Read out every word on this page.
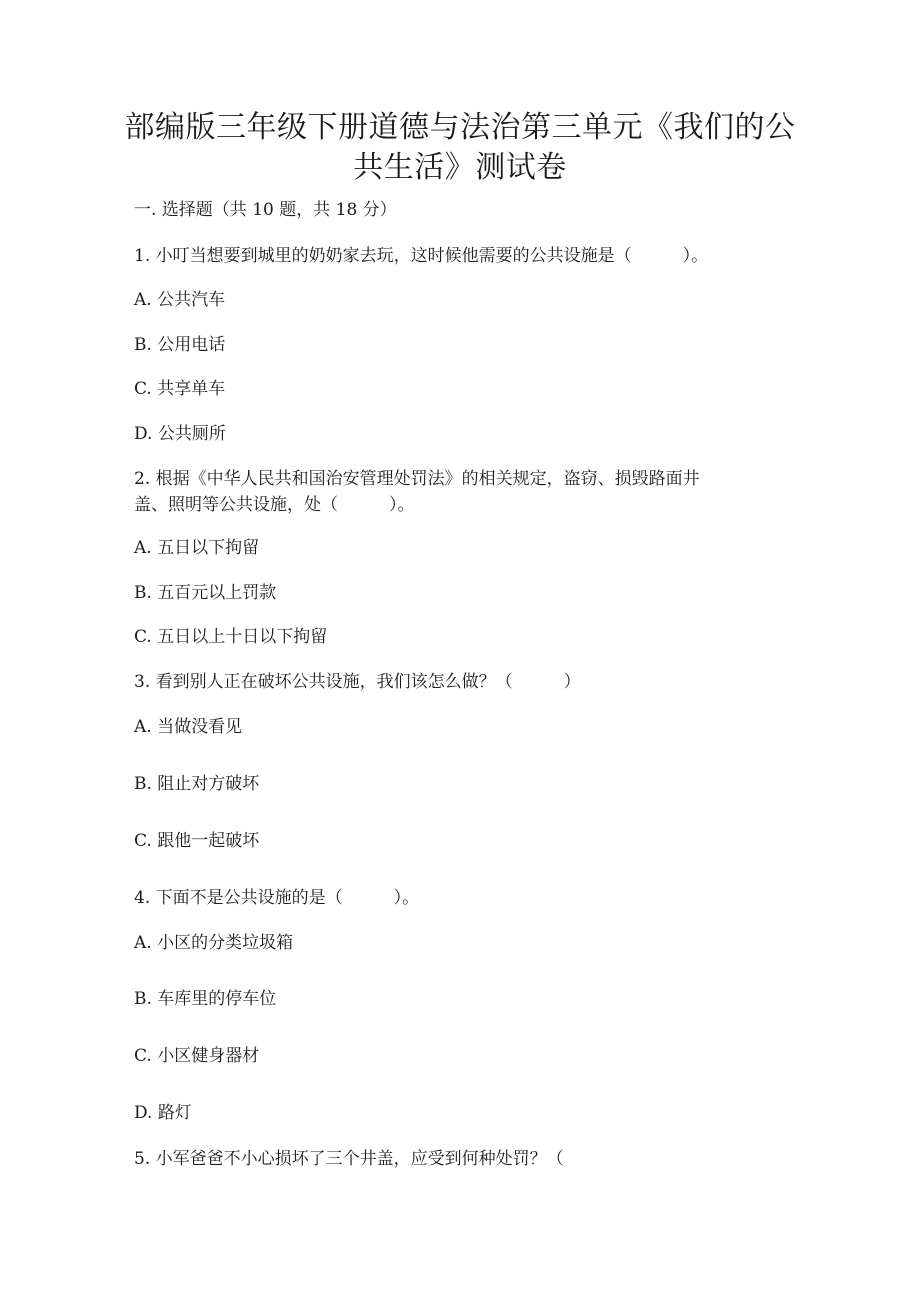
部编版三年级下册道德与法治第三单元《我们的公
共生活》测试卷
一. 选择题（共 10 题，共 18 分）
1. 小叮当想要到城里的奶奶家去玩，这时候他需要的公共设施是（　　　）。
A. 公共汽车
B. 公用电话
C. 共享单车
D. 公共厕所
2. 根据《中华人民共和国治安管理处罚法》的相关规定，盗窃、损毁路面井
盖、照明等公共设施，处（　　　）。
A. 五日以下拘留
B. 五百元以上罚款
C. 五日以上十日以下拘留
3. 看到别人正在破坏公共设施，我们该怎么做？（　　　）
A. 当做没看见
B. 阻止对方破坏
C. 跟他一起破坏
4. 下面不是公共设施的是（　　　）。
A. 小区的分类垃圾箱
B. 车库里的停车位
C. 小区健身器材
D. 路灯
5. 小军爸爸不小心损坏了三个井盖，应受到何种处罚？（
